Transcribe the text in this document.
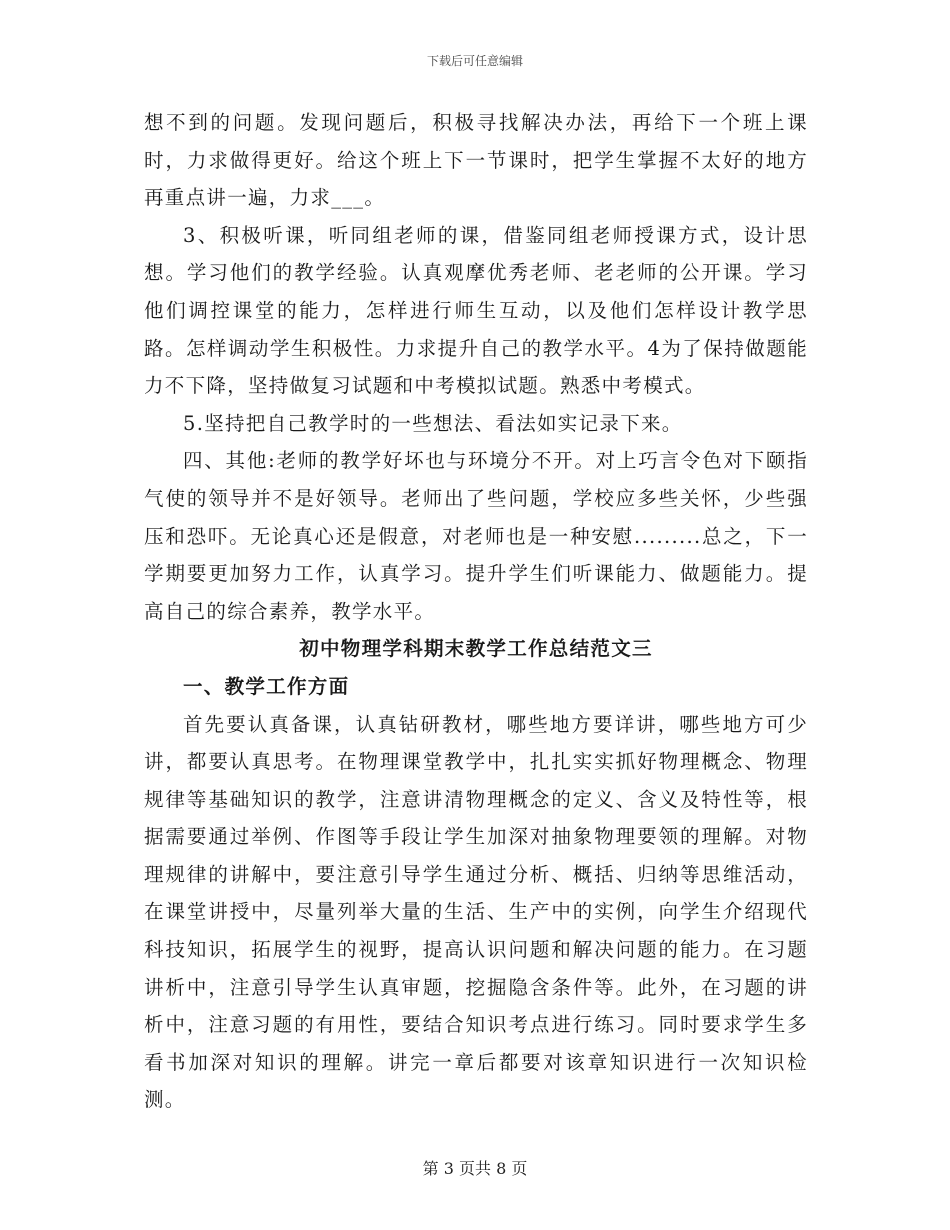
下载后可任意编辑

想不到的问题。发现问题后，积极寻找解决办法，再给下一个班上课时，力求做得更好。给这个班上下一节课时，把学生掌握不太好的地方再重点讲一遍，力求___。

3、积极听课，听同组老师的课，借鉴同组老师授课方式，设计思想。学习他们的教学经验。认真观摩优秀老师、老老师的公开课。学习他们调控课堂的能力，怎样进行师生互动，以及他们怎样设计教学思路。怎样调动学生积极性。力求提升自己的教学水平。4为了保持做题能力不下降，坚持做复习试题和中考模拟试题。熟悉中考模式。

5.坚持把自己教学时的一些想法、看法如实记录下来。

四、其他:老师的教学好坏也与环境分不开。对上巧言令色对下颐指气使的领导并不是好领导。老师出了些问题，学校应多些关怀，少些强压和恐吓。无论真心还是假意，对老师也是一种安慰.........总之，下一学期要更加努力工作，认真学习。提升学生们听课能力、做题能力。提高自己的综合素养，教学水平。

初中物理学科期末教学工作总结范文三

一、教学工作方面

首先要认真备课，认真钻研教材，哪些地方要详讲，哪些地方可少讲，都要认真思考。在物理课堂教学中，扎扎实实抓好物理概念、物理规律等基础知识的教学，注意讲清物理概念的定义、含义及特性等，根据需要通过举例、作图等手段让学生加深对抽象物理要领的理解。对物理规律的讲解中，要注意引导学生通过分析、概括、归纳等思维活动，在课堂讲授中，尽量列举大量的生活、生产中的实例，向学生介绍现代科技知识，拓展学生的视野，提高认识问题和解决问题的能力。在习题讲析中，注意引导学生认真审题，挖掘隐含条件等。此外，在习题的讲析中，注意习题的有用性，要结合知识考点进行练习。同时要求学生多看书加深对知识的理解。讲完一章后都要对该章知识进行一次知识检测。

第 3 页共 8 页
